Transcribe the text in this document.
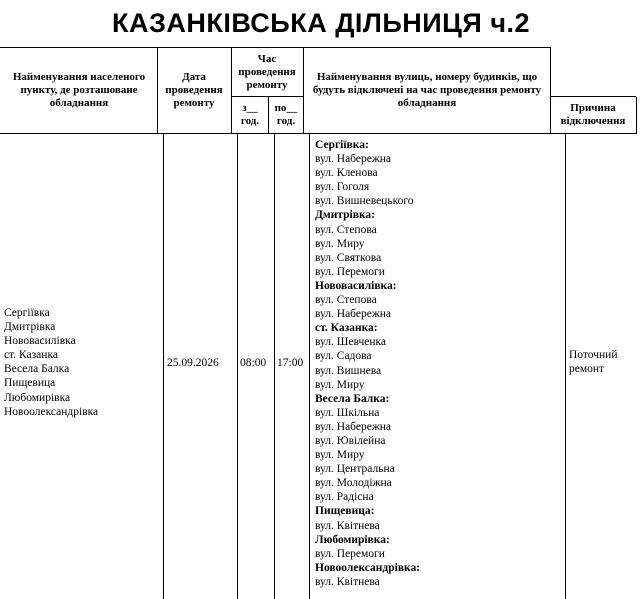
КАЗАНКІВСЬКА ДІЛЬНИЦЯ ч.2
Найменування населеного пункту, де розташоване обладнання
Дата проведення ремонту
Час проведення ремонту
з__ год.
по__ год.
Найменування вулиць, номеру будинків, що будуть відключені на час проведення ремонту обладнання	Причина відключення
Сергіївка
Дмитрівка
Нововасилівка
ст. Казанка
Весела Балка
Пищевица
Любомирівка
Новоолександрівка
25.09.2026 08:00 17:00
Сергіївка:
вул. Набережна
вул. Кленова
вул. Гоголя
вул. Вишневецького
Дмитрівка:
вул. Степова
вул. Миру
вул. Святкова
вул. Перемоги
Нововасилівка:
вул. Степова
вул. Набережна
ст. Казанка:
вул. Шевченка
вул. Садова
вул. Вишнева
вул. Миру
Весела Балка:
вул. Шкільна
вул. Набережна
вул. Ювілейна
вул. Миру
вул. Центральна
вул. Молодіжна
вул. Радісна
Пищевица:
вул. Квітнева
Любомирівка:
вул. Перемоги
Новоолександрівка:
вул. Квітнева
Поточний ремонт
